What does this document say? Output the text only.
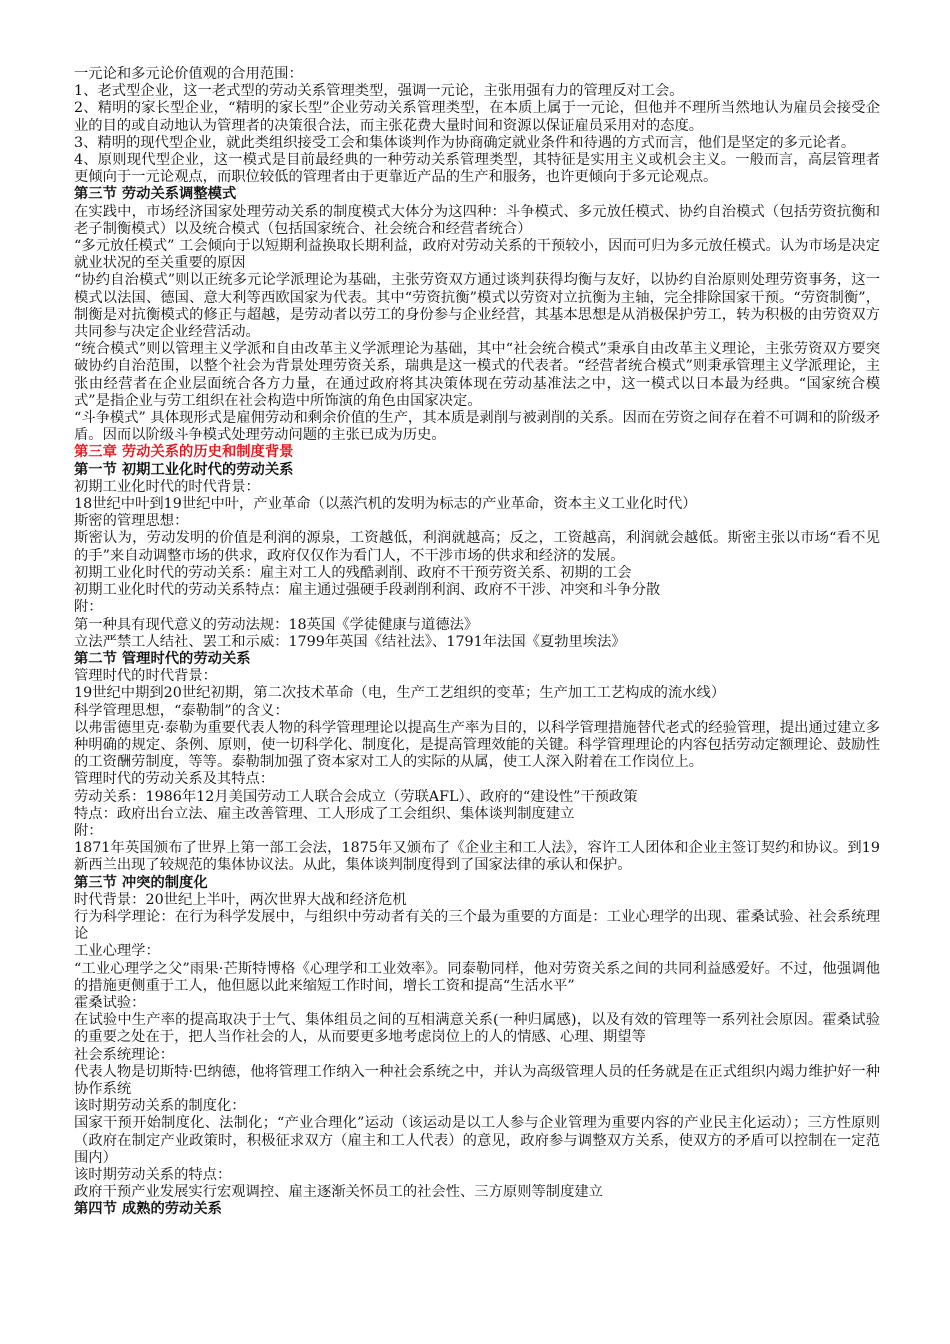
一元论和多元论价值观的合用范围：

1、老式型企业，这一老式型的劳动关系管理类型，强调一元论，主张用强有力的管理反对工会。

2、精明的家长型企业，“精明的家长型”企业劳动关系管理类型，在本质上属于一元论，但他并不理所当然地认为雇员会接受企业的目的或自动地认为管理者的决策很合法，而主张花费大量时间和资源以保证雇员采用对的态度。

3、精明的现代型企业，就此类组织接受工会和集体谈判作为协商确定就业条件和待遇的方式而言，他们是坚定的多元论者。

4、原则现代型企业，这一模式是目前最经典的一种劳动关系管理类型，其特征是实用主义或机会主义。一般而言，高层管理者更倾向于一元论观点，而职位较低的管理者由于更靠近产品的生产和服务，也许更倾向于多元论观点。

第三节 劳动关系调整模式

在实践中，市场经济国家处理劳动关系的制度模式大体分为这四种：斗争模式、多元放任模式、协约自治模式（包括劳资抗衡和老子制衡模式）以及统合模式（包括国家统合、社会统合和经营者统合）

“多元放任模式” 工会倾向于以短期利益换取长期利益，政府对劳动关系的干预较小，因而可归为多元放任模式。认为市场是决定就业状况的至关重要的原因

“协约自治模式”则以正统多元论学派理论为基础，主张劳资双方通过谈判获得均衡与友好，以协约自治原则处理劳资事务，这一模式以法国、德国、意大利等西欧国家为代表。其中“劳资抗衡”模式以劳资对立抗衡为主轴，完全排除国家干预。“劳资制衡”，制衡是对抗衡模式的修正与超越，是劳动者以劳工的身份参与企业经营，其基本思想是从消极保护劳工，转为积极的由劳资双方共同参与决定企业经营活动。

“统合模式”则以管理主义学派和自由改革主义学派理论为基础，其中“社会统合模式”秉承自由改革主义理论，主张劳资双方要突破协约自治范围，以整个社会为背景处理劳资关系，瑞典是这一模式的代表者。“经营者统合模式”则秉承管理主义学派理论，主张由经营者在企业层面统合各方力量，在通过政府将其决策体现在劳动基准法之中，这一模式以日本最为经典。“国家统合模式”是指企业与劳工组织在社会构造中所饰演的角色由国家决定。

“斗争模式” 具体现形式是雇佣劳动和剩余价值的生产，其本质是剥削与被剥削的关系。因而在劳资之间存在着不可调和的阶级矛盾。因而以阶级斗争模式处理劳动问题的主张已成为历史。

第三章 劳动关系的历史和制度背景

第一节 初期工业化时代的劳动关系

初期工业化时代的时代背景：

18世纪中叶到19世纪中叶，产业革命（以蒸汽机的发明为标志的产业革命，资本主义工业化时代）

斯密的管理思想：

斯密认为，劳动发明的价值是利润的源泉，工资越低，利润就越高；反之，工资越高，利润就会越低。斯密主张以市场“看不见的手”来自动调整市场的供求，政府仅仅作为看门人，不干涉市场的供求和经济的发展。

初期工业化时代的劳动关系：雇主对工人的残酷剥削、政府不干预劳资关系、初期的工会

初期工业化时代的劳动关系特点：雇主通过强硬手段剥削利润、政府不干涉、冲突和斗争分散

附：

第一种具有现代意义的劳动法规：18英国《学徒健康与道德法》

立法严禁工人结社、罢工和示威：1799年英国《结社法》、1791年法国《夏勃里埃法》

第二节 管理时代的劳动关系

管理时代的时代背景：

19世纪中期到20世纪初期，第二次技术革命（电，生产工艺组织的变革；生产加工工艺构成的流水线）

科学管理思想，“泰勒制”的含义：

以弗雷德里克·泰勒为重要代表人物的科学管理理论以提高生产率为目的，以科学管理措施替代老式的经验管理，提出通过建立多种明确的规定、条例、原则，使一切科学化、制度化，是提高管理效能的关键。科学管理理论的内容包括劳动定额理论、鼓励性的工资酬劳制度，等等。泰勒制加强了资本家对工人的实际的从属，使工人深入附着在工作岗位上。

管理时代的劳动关系及其特点：

劳动关系：1986年12月美国劳动工人联合会成立（劳联AFL）、政府的“建设性”干预政策

特点：政府出台立法、雇主改善管理、工人形成了工会组织、集体谈判制度建立

附：

1871年英国颁布了世界上第一部工会法，1875年又颁布了《企业主和工人法》，容许工人团体和企业主签订契约和协议。到19新西兰出现了较规范的集体协议法。从此，集体谈判制度得到了国家法律的承认和保护。

第三节 冲突的制度化

时代背景：20世纪上半叶，两次世界大战和经济危机

行为科学理论：在行为科学发展中，与组织中劳动者有关的三个最为重要的方面是：工业心理学的出现、霍桑试验、社会系统理论

工业心理学：

“工业心理学之父”雨果·芒斯特博格《心理学和工业效率》。同泰勒同样，他对劳资关系之间的共同利益感爱好。不过，他强调他的措施更侧重于工人，他但愿以此来缩短工作时间，增长工资和提高“生活水平”

霍桑试验：

在试验中生产率的提高取决于士气、集体组员之间的互相满意关系(一种归属感)，以及有效的管理等一系列社会原因。霍桑试验的重要之处在于，把人当作社会的人，从而要更多地考虑岗位上的人的情感、心理、期望等

社会系统理论：

代表人物是切斯特·巴纳德，他将管理工作纳入一种社会系统之中，并认为高级管理人员的任务就是在正式组织内竭力维护好一种协作系统

该时期劳动关系的制度化：

国家干预开始制度化、法制化；“产业合理化”运动（该运动是以工人参与企业管理为重要内容的产业民主化运动）；三方性原则（政府在制定产业政策时，积极征求双方（雇主和工人代表）的意见，政府参与调整双方关系，使双方的矛盾可以控制在一定范围内）

该时期劳动关系的特点：

政府干预产业发展实行宏观调控、雇主逐渐关怀员工的社会性、三方原则等制度建立

第四节 成熟的劳动关系
